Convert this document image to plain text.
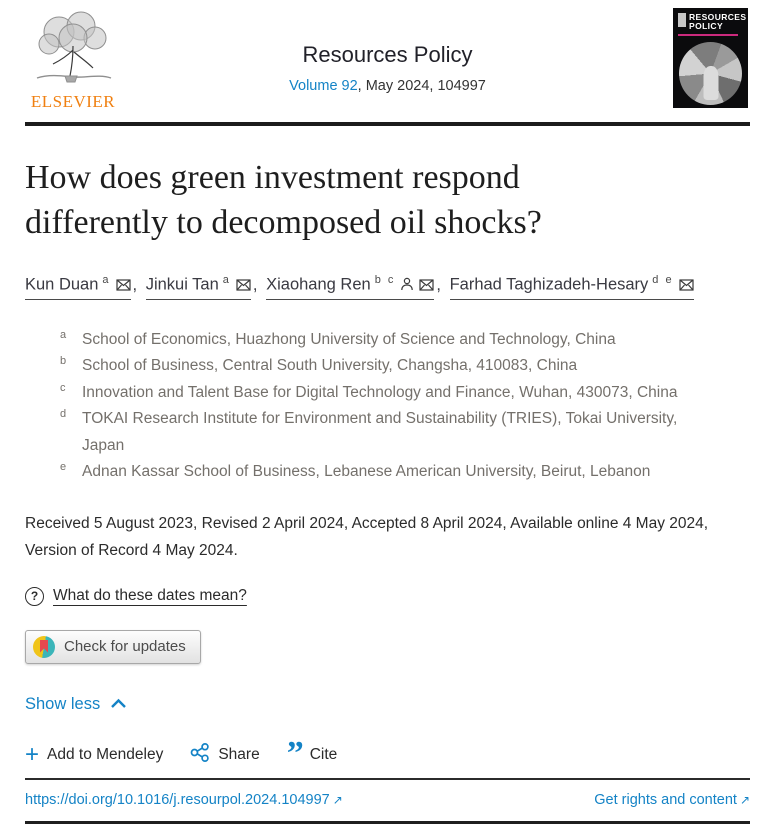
ELSEVIER
Resources Policy
Volume 92, May 2024, 104997
RESOURCES
POLICY
How does green investment respond
differently to decomposed oil shocks?
Kun Duan $^a$ , Jinkui Tan $^a$ , Xiaohang Ren $^{b c}$ , Farhad Taghizadeh-Hesary $^{d e}$
a	School of Economics, Huazhong University of Science and Technology, China
b	School of Business, Central South University, Changsha, 410083, China
c	Innovation and Talent Base for Digital Technology and Finance, Wuhan, 430073, China
d	TOKAI Research Institute for Environment and Sustainability (TRIES), Tokai University, Japan
e	Adnan Kassar School of Business, Lebanese American University, Beirut, Lebanon

Received 5 August 2023, Revised 2 April 2024, Accepted 8 April 2024, Available online 4 May 2024, Version of Record 4 May 2024.

? What do these dates mean?
Check for updates
Show less
+ Add to Mendeley	Share ” Cite
https://doi.org/10.1016/j.resourpol.2024.104997 ↗	Get rights and content ↗
